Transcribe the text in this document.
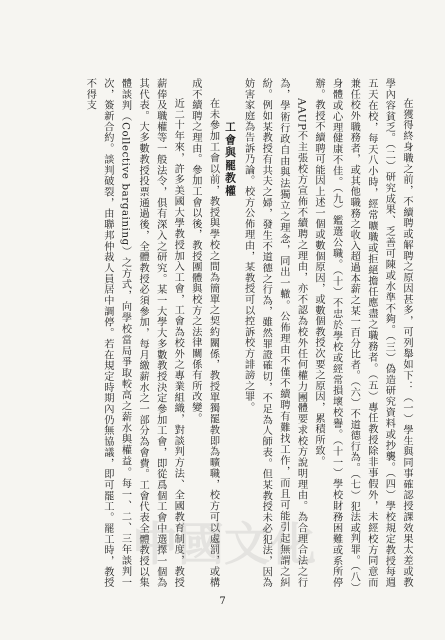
在獲得終身職之前，不續聘或解聘之原因甚多，可列舉如下：（一）學生與同事確認授課效果太差或教學內容貧乏。（二）研究成果、乏善可陳或水準不夠。（三）偽造研究資料或抄襲。（四）學校規定教授每週五天在校，每天八小時，經常曠職或拒絕擔任應盡之職務者。（五）專任教授除非事假外，未經校方同意而兼任校外職務者，或其他職務之收入超過本薪之某一百分比者。（六）不道德行為。（七）犯法或判罪。（八）身體或心理健康不佳。（九）鑑選公職。（十）不忠於學校或經常損壞校譽。（十一）學校財務困難或系所停辦。教授不續聘可能因上述一個或數個原因，或數個教授次要之原因，累積所致。

AAUP不主張校方宣佈不續聘之理由，亦不認為校外任何權力團體要求校方說明理由。為合理合法之行為，學術行政自由與法獨立之理念，同出一轍。公佈理由不僅不續聘有難找工作，而且可能引起無謂之糾紛。例如某教授有共夫之婦，發生不道德之行為，雖然罪證確切，不足為人師表。但某教授未必犯法，因為妨害家庭為告訴乃論。校方公佈理由，某教授可以控訴校方誹謗之罪。

工會與罷教權

在未參加工會以前，教授與學校之間為簡單之契約關係，教授單獨罷教即為曠職，校方可以處罰，或構成不續聘之理由。參加工會以後，教授團體與校方之法律關係有所改變。

近二十年來，許多美國大學教授加入工會，工會為校外之專業組織，對談判方法、全國教育制度，教授薪俸及職權等一般法令，俱有深入之研究。某一大學大多數教授決定參加工會，即從爲個工會中選擇一個為其代表。大多數教授投票通過後，全體教授必須參加，每月繳薪水之一部分為會費。工會代表全體教授以集體談判（Collective bargaining）之方式，向學校當局爭取較高之薪水與權益。每一、二、三年談判一次，簽新合約。談判破裂，由聯邦仲裁人員居中調停。若在規定時期內仍無協議，即可罷工。罷工時，教授不得支

中國文化
7
